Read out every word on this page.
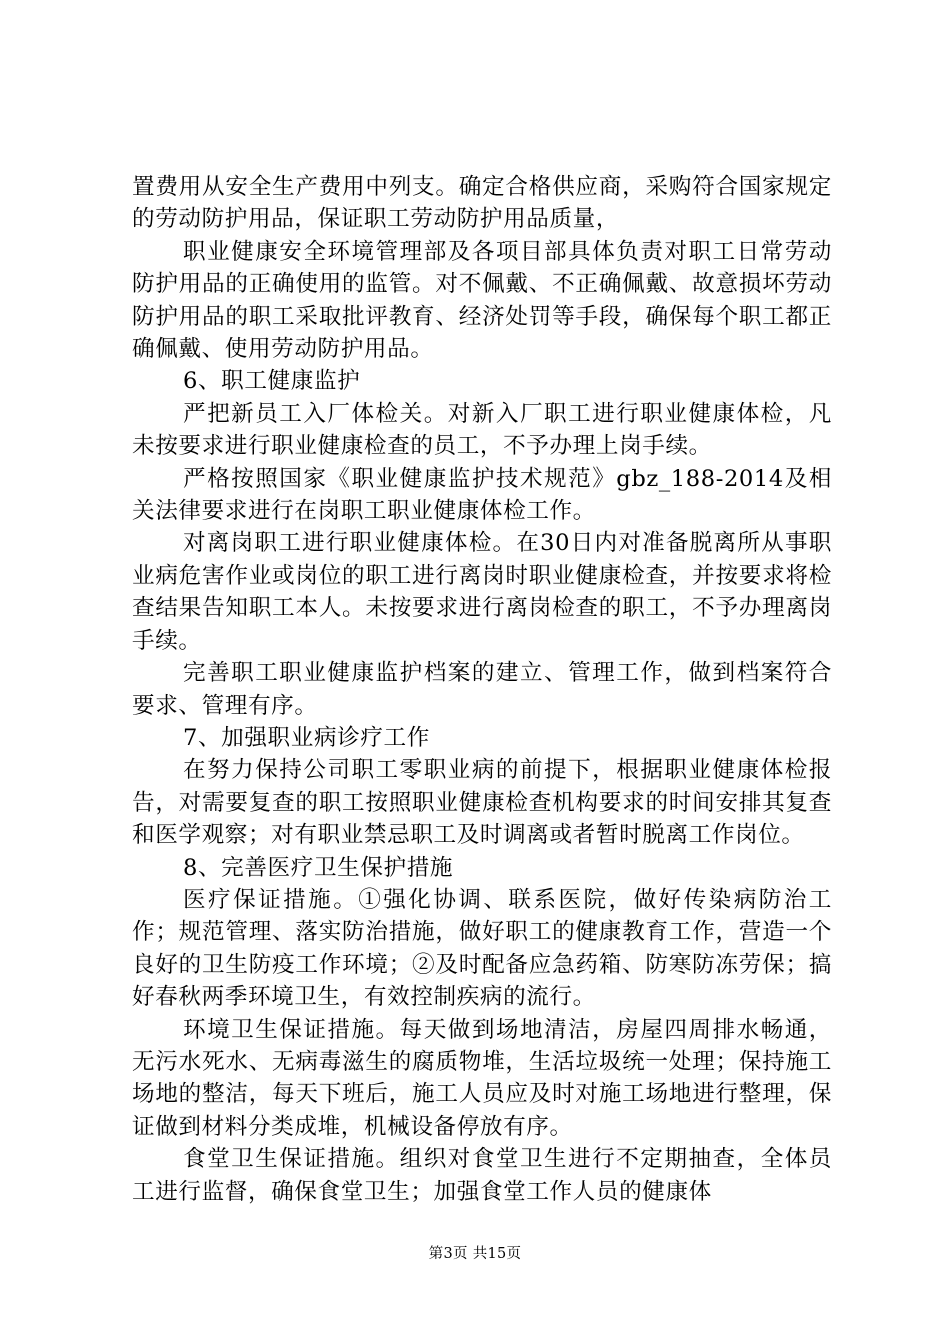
置费用从安全生产费用中列支。确定合格供应商，采购符合国家规定的劳动防护用品，保证职工劳动防护用品质量，

职业健康安全环境管理部及各项目部具体负责对职工日常劳动防护用品的正确使用的监管。对不佩戴、不正确佩戴、故意损坏劳动防护用品的职工采取批评教育、经济处罚等手段，确保每个职工都正确佩戴、使用劳动防护用品。

6、职工健康监护

严把新员工入厂体检关。对新入厂职工进行职业健康体检，凡未按要求进行职业健康检查的员工，不予办理上岗手续。

严格按照国家《职业健康监护技术规范》gbz_188-2014及相关法律要求进行在岗职工职业健康体检工作。

对离岗职工进行职业健康体检。在30日内对准备脱离所从事职业病危害作业或岗位的职工进行离岗时职业健康检查，并按要求将检查结果告知职工本人。未按要求进行离岗检查的职工，不予办理离岗手续。

完善职工职业健康监护档案的建立、管理工作，做到档案符合要求、管理有序。

7、加强职业病诊疗工作

在努力保持公司职工零职业病的前提下，根据职业健康体检报告，对需要复查的职工按照职业健康检查机构要求的时间安排其复查和医学观察；对有职业禁忌职工及时调离或者暂时脱离工作岗位。

8、完善医疗卫生保护措施

医疗保证措施。①强化协调、联系医院，做好传染病防治工作；规范管理、落实防治措施，做好职工的健康教育工作，营造一个良好的卫生防疫工作环境；②及时配备应急药箱、防寒防冻劳保；搞好春秋两季环境卫生，有效控制疾病的流行。

环境卫生保证措施。每天做到场地清洁，房屋四周排水畅通，无污水死水、无病毒滋生的腐质物堆，生活垃圾统一处理；保持施工场地的整洁，每天下班后，施工人员应及时对施工场地进行整理，保证做到材料分类成堆，机械设备停放有序。

食堂卫生保证措施。组织对食堂卫生进行不定期抽查，全体员工进行监督，确保食堂卫生；加强食堂工作人员的健康体

第3页 共15页
